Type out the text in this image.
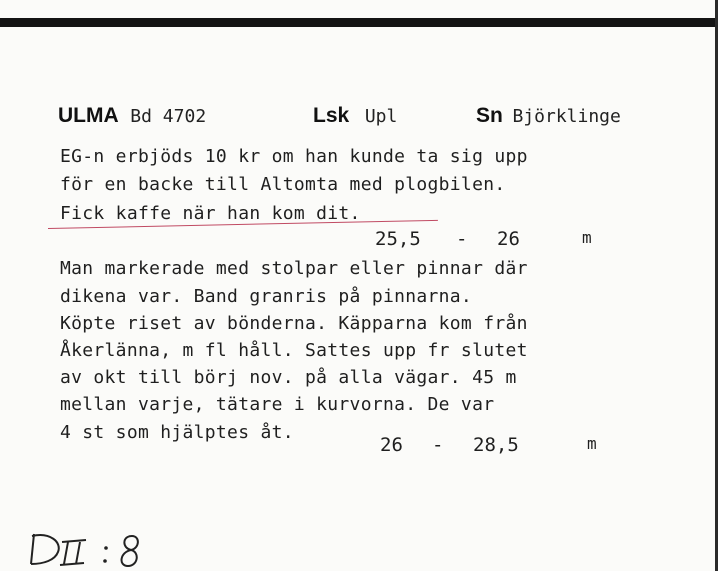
ULMA Bd 4702	Lsk Upl	Sn Björklinge
EG-n erbjöds 10 kr om han kunde ta sig upp
för en backe till Altomta med plogbilen.
Fick kaffe när han kom dit.
25,5 - 26	m
Man markerade med stolpar eller pinnar där
dikena var. Band granris på pinnarna.
Köpte riset av bönderna. Käpparna kom från
Åkerlänna, m fl håll. Sattes upp fr slutet
av okt till börj nov. på alla vägar. 45 m
mellan varje, tätare i kurvorna. De var
4 st som hjälptes åt.
26 - 28,5	m
